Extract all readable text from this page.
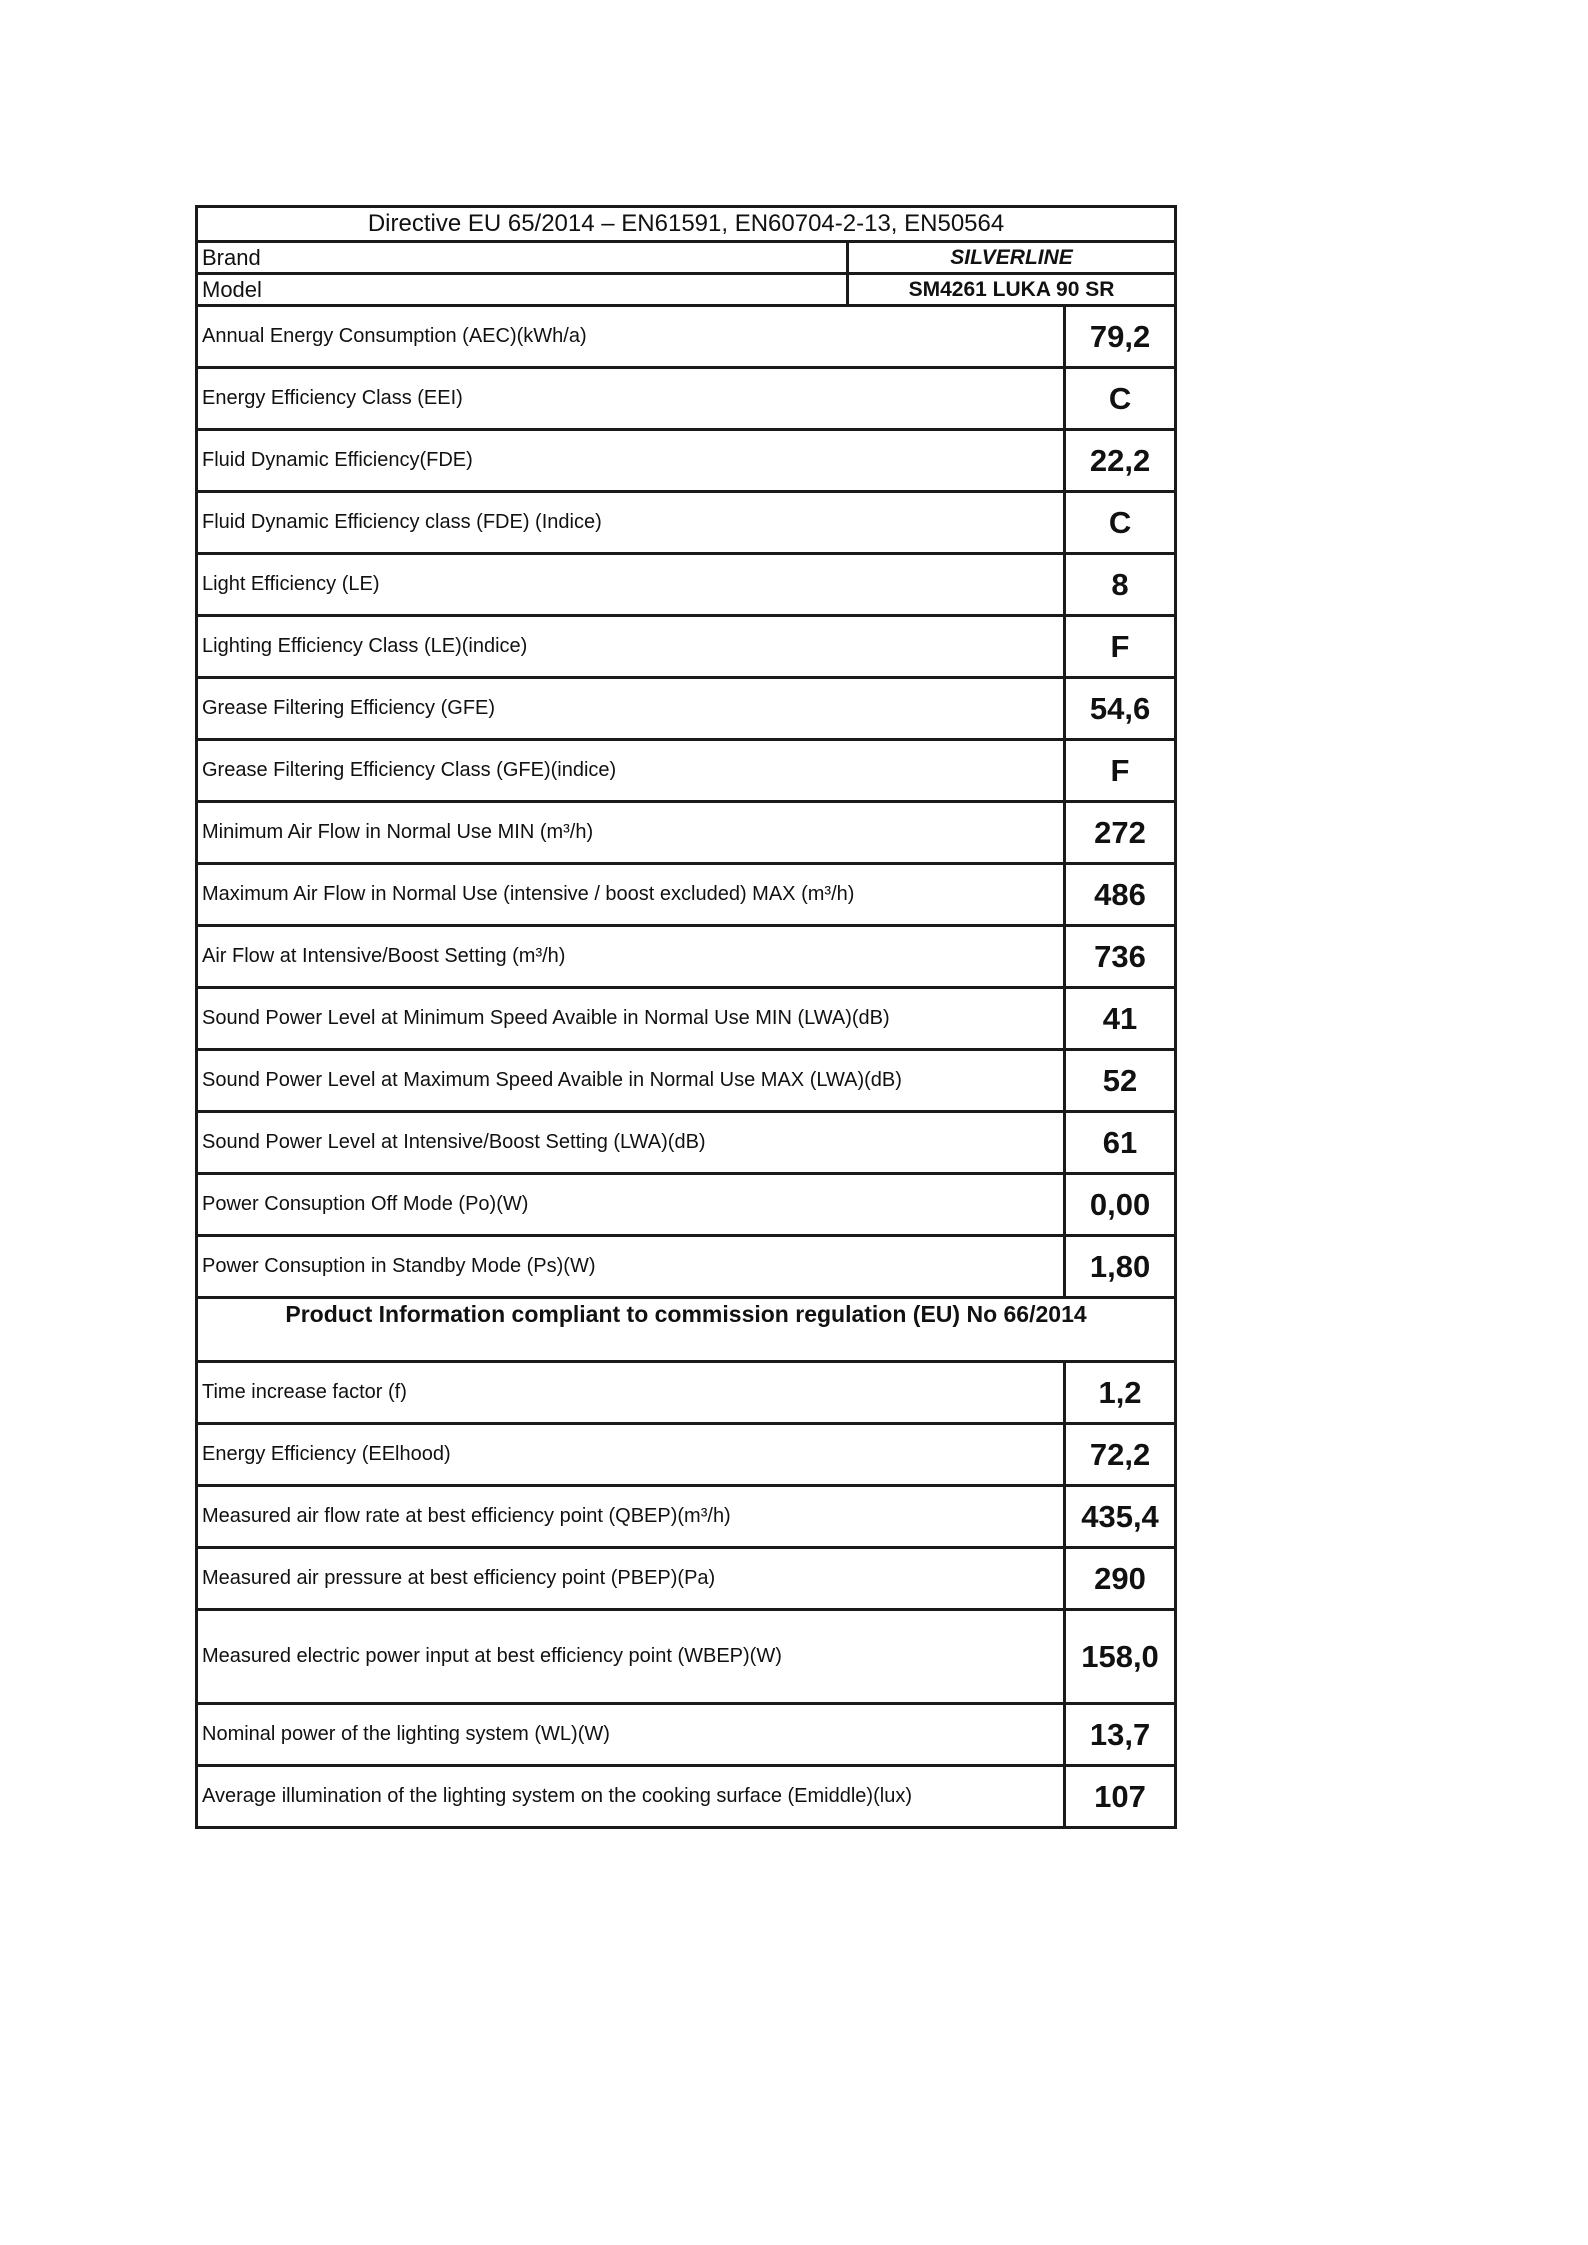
Directive EU 65/2014 – EN61591, EN60704-2-13, EN50564		
Brand	SILVERLINE	
Model	SM4261 LUKA 90 SR	
Annual Energy Consumption (AEC)(kWh/a)		79,2
Energy Efficiency Class (EEI)		C
Fluid Dynamic Efficiency(FDE)		22,2
Fluid Dynamic Efficiency class (FDE) (Indice)		C
Light Efficiency (LE)		8
Lighting Efficiency Class (LE)(indice)		F
Grease Filtering Efficiency (GFE)		54,6
Grease Filtering Efficiency Class (GFE)(indice)		F
Minimum Air Flow in Normal Use MIN (m³/h)		272
Maximum Air Flow in Normal Use (intensive / boost excluded) MAX (m³/h)		486
Air Flow at Intensive/Boost Setting (m³/h)		736
Sound Power Level at Minimum Speed Avaible in Normal Use MIN (LWA)(dB)		41
Sound Power Level at Maximum Speed Avaible in Normal Use MAX (LWA)(dB)		52
Sound Power Level at Intensive/Boost Setting (LWA)(dB)		61
Power Consuption Off Mode (Po)(W)		0,00
Power Consuption in Standby Mode (Ps)(W)		1,80
Product Information compliant to commission regulation (EU) No 66/2014		
Time increase factor (f)		1,2
Energy Efficiency (EElhood)		72,2
Measured air flow rate at best efficiency point (QBEP)(m³/h)		435,4
Measured air pressure at best efficiency point (PBEP)(Pa)		290
Measured electric power input at best efficiency point (WBEP)(W)		158,0
Nominal power of the lighting system (WL)(W)		13,7
Average illumination of the lighting system on the cooking surface (Emiddle)(lux)		107
